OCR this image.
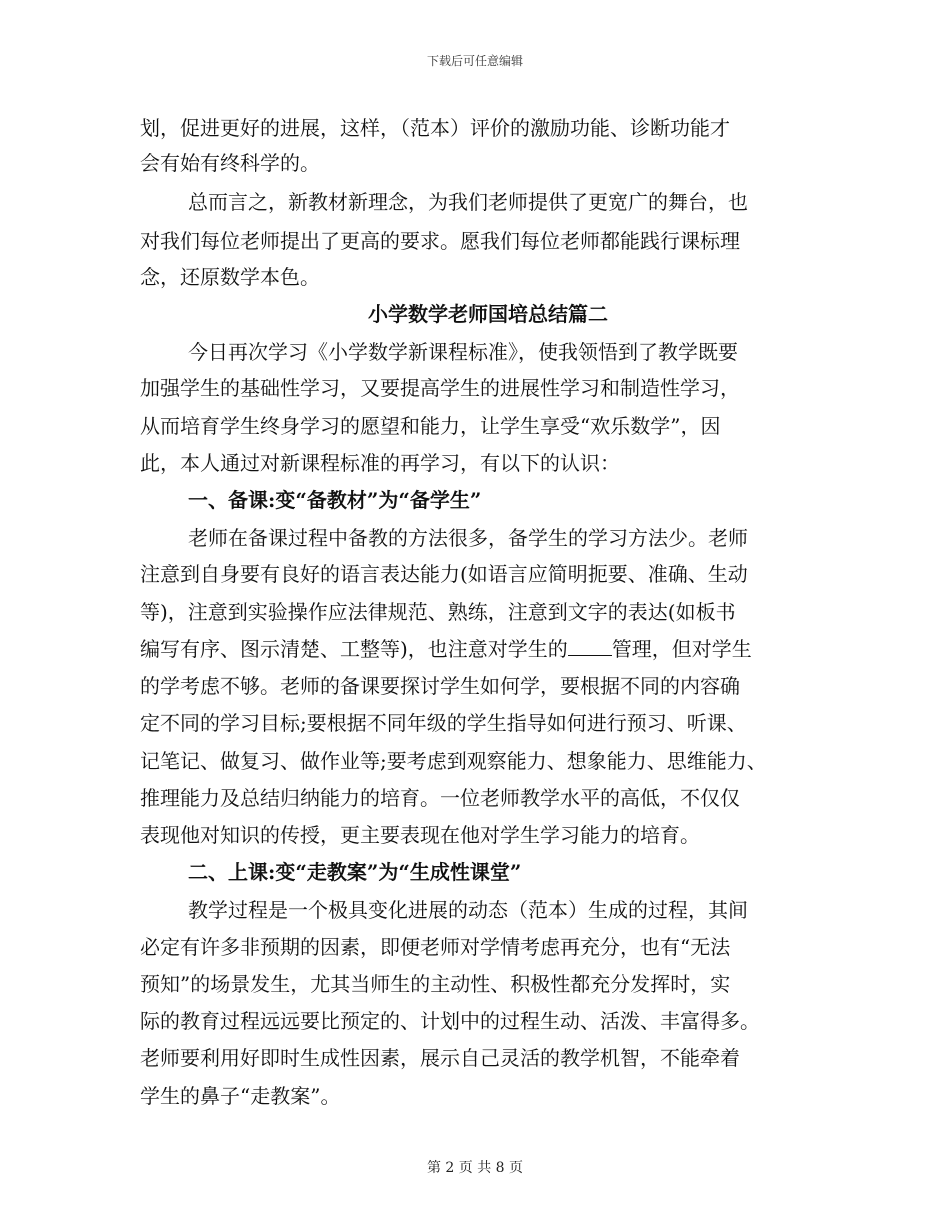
下载后可任意编辑
划，促进更好的进展，这样，（范本）评价的激励功能、诊断功能才
会有始有终科学的。
总而言之，新教材新理念，为我们老师提供了更宽广的舞台，也
对我们每位老师提出了更高的要求。愿我们每位老师都能践行课标理
念，还原数学本色。
小学数学老师国培总结篇二
今日再次学习《小学数学新课程标准》，使我领悟到了教学既要
加强学生的基础性学习，又要提高学生的进展性学习和制造性学习，
从而培育学生终身学习的愿望和能力，让学生享受“欢乐数学”，因
此，本人通过对新课程标准的再学习，有以下的认识：
一、备课:变“备教材”为“备学生”
老师在备课过程中备教的方法很多，备学生的学习方法少。老师
注意到自身要有良好的语言表达能力(如语言应简明扼要、准确、生动
等)，注意到实验操作应法律规范、熟练，注意到文字的表达(如板书
编写有序、图示清楚、工整等)，也注意对学生的 管理，但对学生
的学考虑不够。老师的备课要探讨学生如何学，要根据不同的内容确
定不同的学习目标;要根据不同年级的学生指导如何进行预习、听课、
记笔记、做复习、做作业等;要考虑到观察能力、想象能力、思维能力、
推理能力及总结归纳能力的培育。一位老师教学水平的高低，不仅仅
表现他对知识的传授，更主要表现在他对学生学习能力的培育。
二、上课:变“走教案”为“生成性课堂”
教学过程是一个极具变化进展的动态（范本）生成的过程，其间
必定有许多非预期的因素，即便老师对学情考虑再充分，也有“无法
预知”的场景发生，尤其当师生的主动性、积极性都充分发挥时，实
际的教育过程远远要比预定的、计划中的过程生动、活泼、丰富得多。
老师要利用好即时生成性因素，展示自己灵活的教学机智，不能牵着
学生的鼻子“走教案”。
第 2 页 共 8 页
